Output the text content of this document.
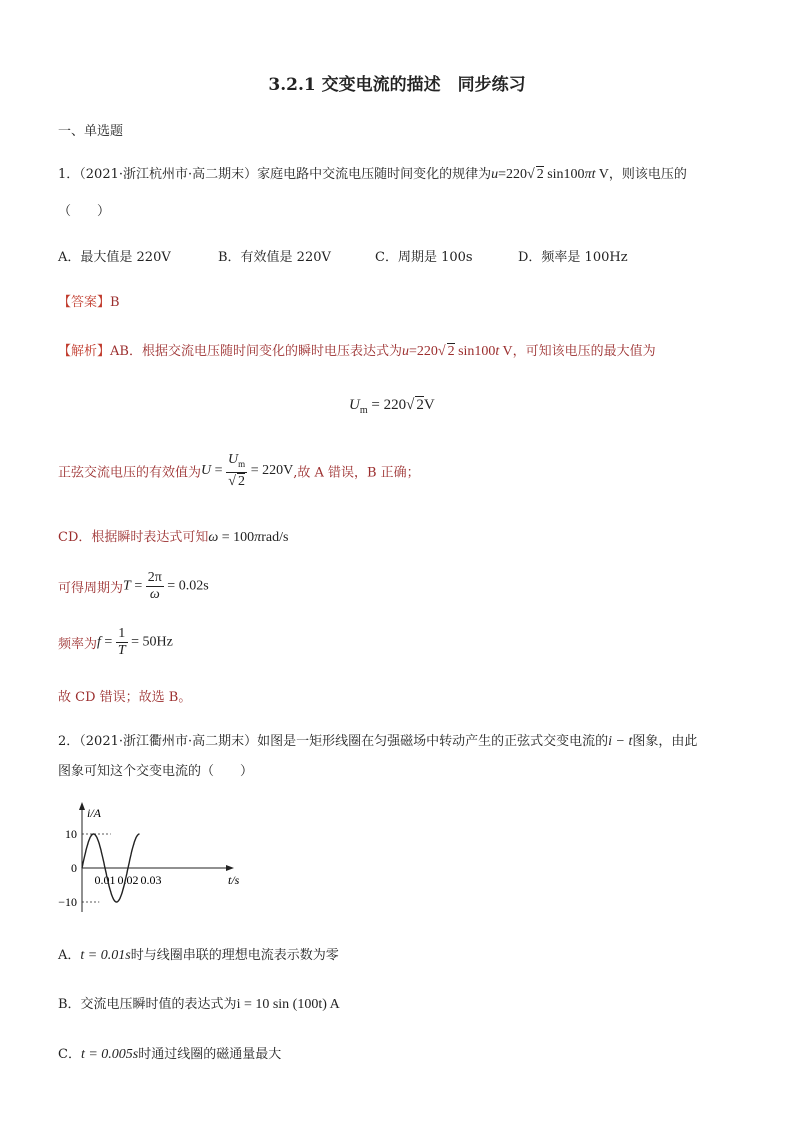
3.2.1 交变电流的描述　同步练习
一、单选题
1．（2021·浙江杭州市·高二期末）家庭电路中交流电压随时间变化的规律为u=220√ 2 sin100πt V，则该电压的
（　　）
A．最大值是 220V	B．有效值是 220V	C．周期是 100s	D．频率是 100Hz
【答案】B
【解析】AB．根据交流电压随时间变化的瞬时电压表达式为u=220√ 2 sin100t V，可知该电压的最大值为
$U_m = 220√$ 2V
正弦交流电压的有效值为$U = \frac{U_m}{√ 2} = 220V$,故 A 错误，B 正确；
CD．根据瞬时表达式可知ω = 100πrad/s
可得周期为$T = \frac{2\pi}{\omega} = 0.02s$
频率为$f = \frac{1}{T} = 50Hz$
故 CD 错误；故选 B。
2．（2021·浙江衢州市·高二期末）如图是一矩形线圈在匀强磁场中转动产生的正弦式交变电流的i − t图象，由此
图象可知这个交变电流的（　　）
i/A
t/s
10
0
−10
0.01 0.02 0.03
A．t = 0.01s时与线圈串联的理想电流表示数为零
B．交流电压瞬时值的表达式为i = 10 sin (100t) A
C．t = 0.005s时通过线圈的磁通量最大
